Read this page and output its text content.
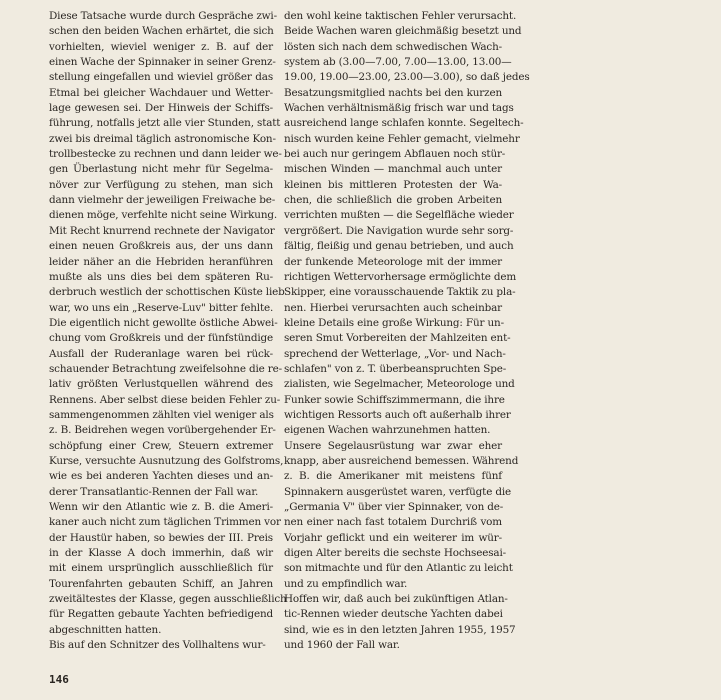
Diese Tatsache wurde durch Gespräche zwi-
schen den beiden Wachen erhärtet, die sich
vorhielten, wieviel weniger z. B. auf der
einen Wache der Spinnaker in seiner Grenz-
stellung eingefallen und wieviel größer das
Etmal bei gleicher Wachdauer und Wetter-
lage gewesen sei. Der Hinweis der Schiffs-
führung, notfalls jetzt alle vier Stunden, statt
zwei bis dreimal täglich astronomische Kon-
trollbestecke zu rechnen und dann leider we-
gen Überlastung nicht mehr für Segelma-
növer zur Verfügung zu stehen, man sich
dann vielmehr der jeweiligen Freiwache be-
dienen möge, verfehlte nicht seine Wirkung.
Mit Recht knurrend rechnete der Navigator
einen neuen Großkreis aus, der uns dann
leider näher an die Hebriden heranführen
mußte als uns dies bei dem späteren Ru-
derbruch westlich der schottischen Küste lieb
war, wo uns ein „Reserve-Luv" bitter fehlte.
Die eigentlich nicht gewollte östliche Abwei-
chung vom Großkreis und der fünfstündige
Ausfall der Ruderanlage waren bei rück-
schauender Betrachtung zweifelsohne die re-
lativ größten Verlustquellen während des
Rennens. Aber selbst diese beiden Fehler zu-
sammengenommen zählten viel weniger als
z. B. Beidrehen wegen vorübergehender Er-
schöpfung einer Crew, Steuern extremer
Kurse, versuchte Ausnutzung des Golfstroms,
wie es bei anderen Yachten dieses und an-
derer Transatlantic-Rennen der Fall war.
Wenn wir den Atlantic wie z. B. die Ameri-
kaner auch nicht zum täglichen Trimmen vor
der Haustür haben, so bewies der III. Preis
in der Klasse A doch immerhin, daß wir
mit einem ursprünglich ausschließlich für
Tourenfahrten gebauten Schiff, an Jahren
zweitältestes der Klasse, gegen ausschließlich
für Regatten gebaute Yachten befriedigend
abgeschnitten hatten.
Bis auf den Schnitzer des Vollhaltens wur-
den wohl keine taktischen Fehler verursacht.
Beide Wachen waren gleichmäßig besetzt und
lösten sich nach dem schwedischen Wach-
system ab (3.00—7.00, 7.00—13.00, 13.00—
19.00, 19.00—23.00, 23.00—3.00), so daß jedes
Besatzungsmitglied nachts bei den kurzen
Wachen verhältnismäßig frisch war und tags
ausreichend lange schlafen konnte. Segeltech-
nisch wurden keine Fehler gemacht, vielmehr
bei auch nur geringem Abflauen noch stür-
mischen Winden — manchmal auch unter
kleinen bis mittleren Protesten der Wa-
chen, die schließlich die groben Arbeiten
verrichten mußten — die Segelfläche wieder
vergrößert. Die Navigation wurde sehr sorg-
fältig, fleißig und genau betrieben, und auch
der funkende Meteorologe mit der immer
richtigen Wettervorhersage ermöglichte dem
Skipper, eine vorausschauende Taktik zu pla-
nen. Hierbei verursachten auch scheinbar
kleine Details eine große Wirkung: Für un-
seren Smut Vorbereiten der Mahlzeiten ent-
sprechend der Wetterlage, „Vor- und Nach-
schlafen" von z. T. überbeanspruchten Spe-
zialisten, wie Segelmacher, Meteorologe und
Funker sowie Schiffszimmermann, die ihre
wichtigen Ressorts auch oft außerhalb ihrer
eigenen Wachen wahrzunehmen hatten.
Unsere Segelausrüstung war zwar eher
knapp, aber ausreichend bemessen. Während
z. B. die Amerikaner mit meistens fünf
Spinnakern ausgerüstet waren, verfügte die
„Germania V" über vier Spinnaker, von de-
nen einer nach fast totalem Durchriß vom
Vorjahr geflickt und ein weiterer im wür-
digen Alter bereits die sechste Hochseesai-
son mitmachte und für den Atlantic zu leicht
und zu empfindlich war.
Hoffen wir, daß auch bei zukünftigen Atlan-
tic-Rennen wieder deutsche Yachten dabei
sind, wie es in den letzten Jahren 1955, 1957
und 1960 der Fall war.
146
